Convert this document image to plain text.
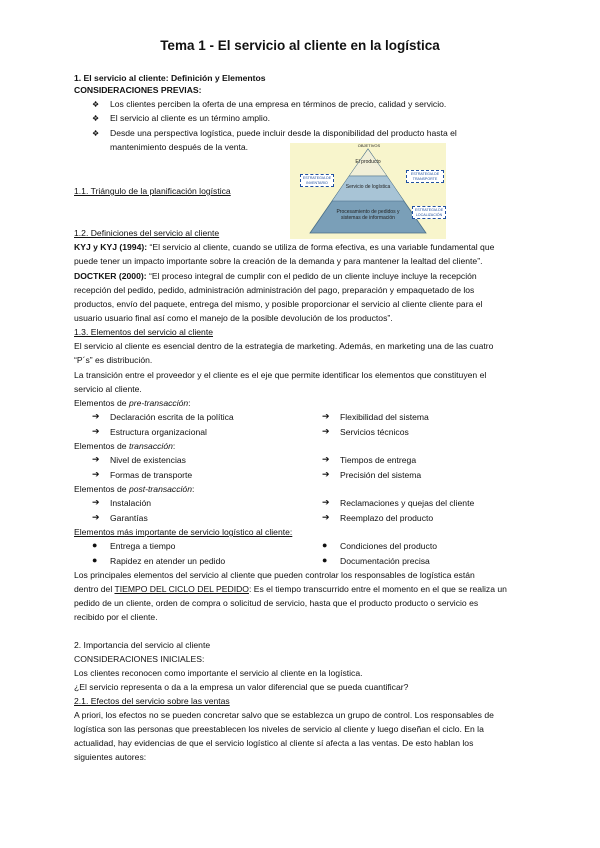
Tema 1 - El servicio al cliente en la logística
1. El servicio al cliente: Definición y Elementos
CONSIDERACIONES PREVIAS:
❖ Los clientes perciben la oferta de una empresa en términos de precio, calidad y servicio.
❖ El servicio al cliente es un término amplio.
❖ Desde una perspectiva logística, puede incluir desde la disponibilidad del producto hasta el
mantenimiento después de la venta.	OBJETIVOS
El producto
Servicio de logística
Procesamiento de pedidos y sistemas de información
ESTRATEGIA DE INVENTARIO
ESTRATEGIA DE TRANSPORTE
ESTRATEGIA DE LOCALIZACIÓN
1.1. Triángulo de la planificación logística
1.2. Definiciones del servicio al cliente
KYJ y KYJ (1994): “El servicio al cliente, cuando se utiliza de forma efectiva, es una variable fundamental que
puede tener un impacto importante sobre la creación de la demanda y para mantener la lealtad del cliente”.
DOCTKER (2000): “El proceso integral de cumplir con el pedido de un cliente incluye incluye la recepción
recepción del pedido, pedido, administración administración del pago, preparación y empaquetado de los
productos, envío del paquete, entrega del mismo, y posible proporcionar el servicio al cliente cliente para el
usuario usuario final así como el manejo de la posible devolución de los productos”.
1.3. Elementos del servicio al cliente
El servicio al cliente es esencial dentro de la estrategia de marketing. Además, en marketing una de las cuatro
“P´s” es distribución.
La transición entre el proveedor y el cliente es el eje que permite identificar los elementos que constituyen el
servicio al cliente.
Elementos de pre-transacción:
➔ Declaración escrita de la política	➔ Flexibilidad del sistema
➔ Estructura organizacional	➔ Servicios técnicos
Elementos de transacción:
➔ Nivel de existencias	➔ Tiempos de entrega
➔ Formas de transporte	➔ Precisión del sistema
Elementos de post-transacción:
➔ Instalación	➔ Reclamaciones y quejas del cliente
➔ Garantías	➔ Reemplazo del producto
Elementos más importante de servicio logístico al cliente:
● Entrega a tiempo	● Condiciones del producto
● Rapidez en atender un pedido	● Documentación precisa
Los principales elementos del servicio al cliente que pueden controlar los responsables de logística están
dentro del TIEMPO DEL CICLO DEL PEDIDO: Es el tiempo transcurrido entre el momento en el que se realiza un
pedido de un cliente, orden de compra o solicitud de servicio, hasta que el producto producto o servicio es
recibido por el cliente.
2. Importancia del servicio al cliente
CONSIDERACIONES INICIALES:
Los clientes reconocen como importante el servicio al cliente en la logística.
¿El servicio representa o da a la empresa un valor diferencial que se pueda cuantificar?
2.1. Efectos del servicio sobre las ventas
A priori, los efectos no se pueden concretar salvo que se establezca un grupo de control. Los responsables de
logística son las personas que preestablecen los niveles de servicio al cliente y luego diseñan el ciclo. En la
actualidad, hay evidencias de que el servicio logístico al cliente sí afecta a las ventas. De esto hablan los
siguientes autores:
